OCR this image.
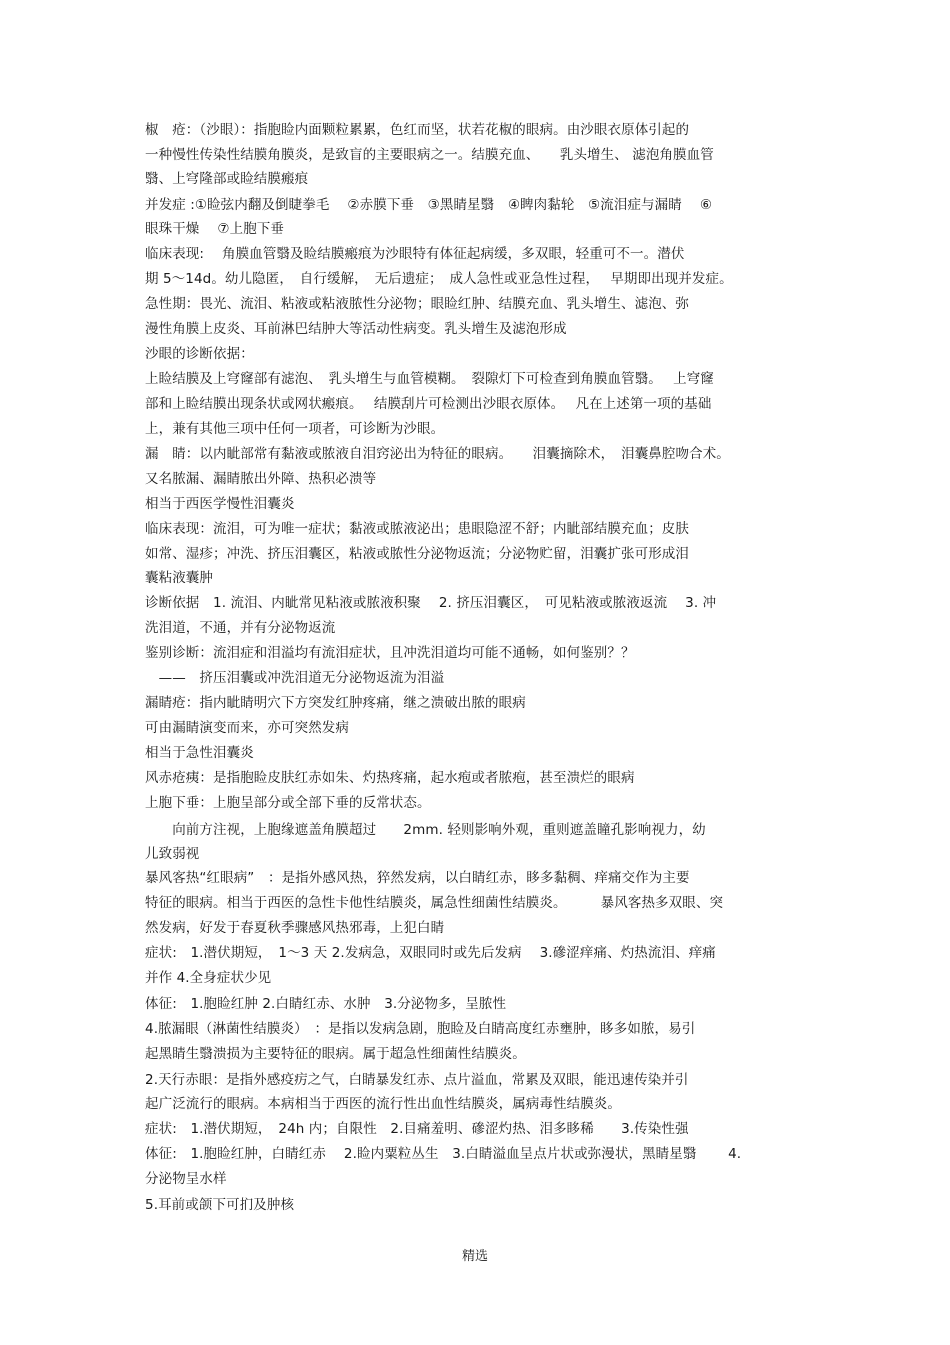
椒　疮：（沙眼）：指胞睑内面颗粒累累，色红而坚，状若花椒的眼病。由沙眼衣原体引起的
一种慢性传染性结膜角膜炎，是致盲的主要眼病之一。结膜充血、　　乳头增生、 滤泡角膜血管
翳、上穹隆部或睑结膜瘢痕
并发症 :①睑弦内翻及倒睫拳毛　 ②赤膜下垂　③黑睛星翳　④睥肉黏轮　⑤流泪症与漏睛　 ⑥
眼珠干燥　 ⑦上胞下垂
临床表现:　 角膜血管翳及睑结膜瘢痕为沙眼特有体征起病缓，多双眼，轻重可不一。潜伏
期 5～14d。幼儿隐匿，　自行缓解，　无后遗症；　成人急性或亚急性过程，　 早期即出现并发症。
急性期：畏光、流泪、粘液或粘液脓性分泌物；眼睑红肿、结膜充血、乳头增生、滤泡、弥
漫性角膜上皮炎、耳前淋巴结肿大等活动性病变。乳头增生及滤泡形成
沙眼的诊断依据：
上睑结膜及上穹窿部有滤泡、　乳头增生与血管模糊。　裂隙灯下可检查到角膜血管翳。　 上穹窿
部和上睑结膜出现条状或网状瘢痕。　 结膜刮片可检测出沙眼衣原体。　 凡在上述第一项的基础
上，兼有其他三项中任何一项者，可诊断为沙眼。
漏　睛：以内眦部常有黏液或脓液自泪窍泌出为特征的眼病。　　泪囊摘除术，　泪囊鼻腔吻合术。
又名脓漏、漏睛脓出外障、热积必溃等
相当于西医学慢性泪囊炎
临床表现：流泪，可为唯一症状；黏液或脓液泌出；患眼隐涩不舒；内眦部结膜充血；皮肤
如常、湿疹；冲洗、挤压泪囊区，粘液或脓性分泌物返流；分泌物贮留，泪囊扩张可形成泪
囊粘液囊肿
诊断依据　1. 流泪、内眦常见粘液或脓液积聚　 2. 挤压泪囊区，　可见粘液或脓液返流　 3. 冲
洗泪道，不通，并有分泌物返流
鉴别诊断：流泪症和泪溢均有流泪症状，且冲洗泪道均可能不通畅，如何鉴别？？
　——　挤压泪囊或冲洗泪道无分泌物返流为泪溢
漏睛疮：指内眦睛明穴下方突发红肿疼痛，继之溃破出脓的眼病
可由漏睛演变而来，亦可突然发病
相当于急性泪囊炎
风赤疮痍：是指胞睑皮肤红赤如朱、灼热疼痛，起水疱或者脓疱，甚至溃烂的眼病
上胞下垂：上胞呈部分或全部下垂的反常状态。
　　向前方注视，上胞缘遮盖角膜超过　　2mm. 轻则影响外观，重则遮盖瞳孔影响视力，幼
儿致弱视
暴风客热“红眼病”　：是指外感风热，猝然发病，以白睛红赤，眵多黏稠、痒痛交作为主要
特征的眼病。相当于西医的急性卡他性结膜炎，属急性细菌性结膜炎。　　　暴风客热多双眼、突
然发病，好发于春夏秋季骤感风热邪毒，上犯白睛
症状:　1.潜伏期短，　1～3 天 2.发病急，双眼同时或先后发病　 3.磣涩痒痛、灼热流泪、痒痛
并作 4.全身症状少见
体征:　1.胞睑红肿 2.白睛红赤、水肿　3.分泌物多，呈脓性
4.脓漏眼（淋菌性结膜炎）　：是指以发病急剧，胞睑及白睛高度红赤壅肿，眵多如脓，易引
起黑睛生翳溃损为主要特征的眼病。属于超急性细菌性结膜炎。
2.天行赤眼：是指外感疫疠之气，白睛暴发红赤、点片溢血，常累及双眼，能迅速传染并引
起广泛流行的眼病。本病相当于西医的流行性出血性结膜炎，属病毒性结膜炎。
症状:　1.潜伏期短，　24h 内；自限性　2.目痛羞明、磣涩灼热、泪多眵稀　　3.传染性强
体征:　1.胞睑红肿，白睛红赤　 2.睑内粟粒丛生　3.白睛溢血呈点片状或弥漫状，黑睛星翳　　 4.
分泌物呈水样
5.耳前或颌下可扪及肿核
精选
